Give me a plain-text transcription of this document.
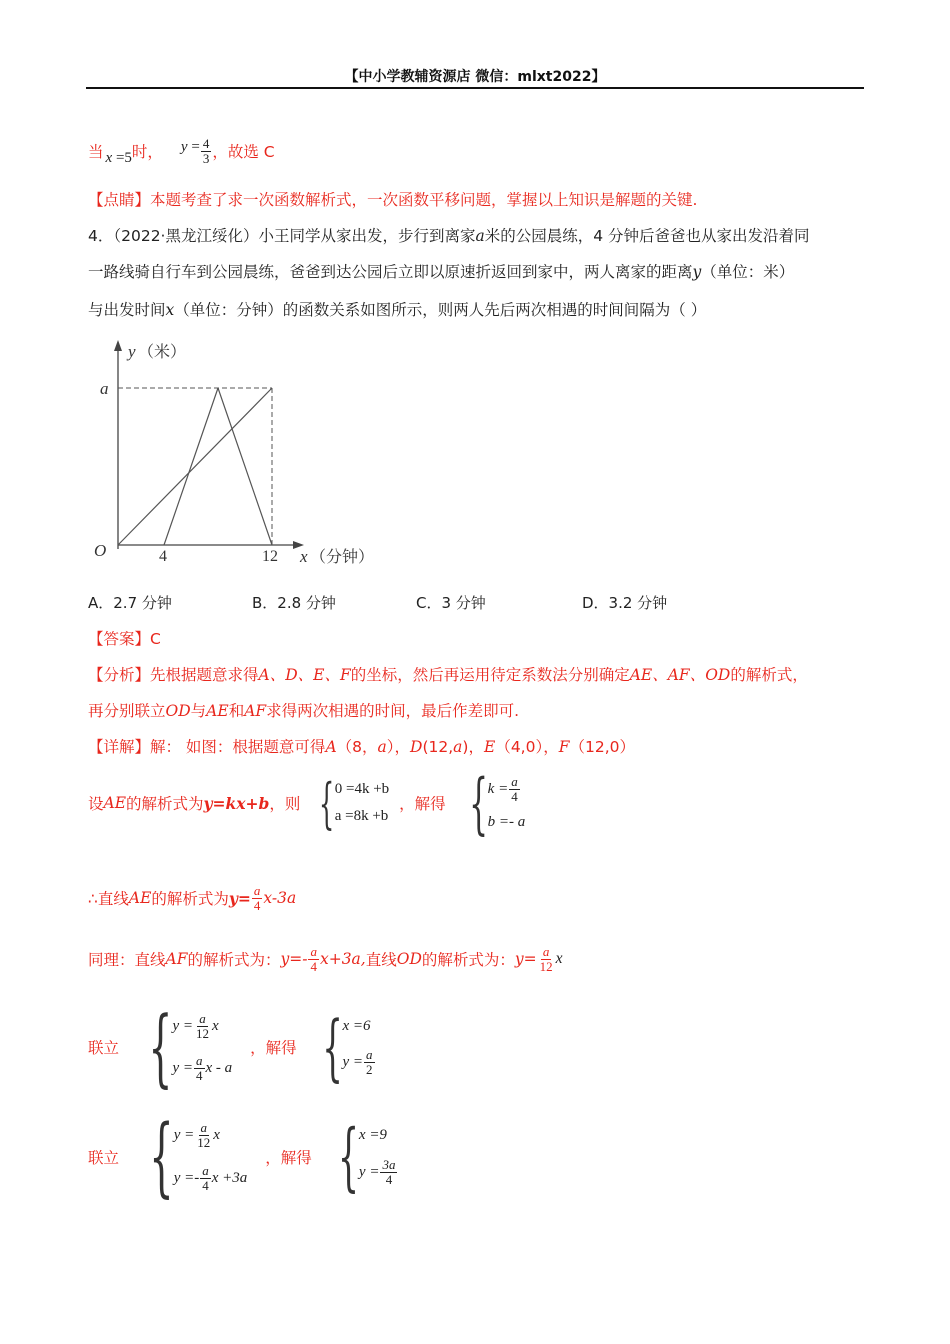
【中小学教辅资源店 微信：mlxt2022】
当 x =5 时， $y = \frac{4}{3}$ ，故选 C
【点睛】本题考查了求一次函数解析式，一次函数平移问题，掌握以上知识是解题的关键.
4．（2022·黑龙江绥化）小王同学从家出发，步行到离家a米的公园晨练，4 分钟后爸爸也从家出发沿着同
一路线骑自行车到公园晨练，爸爸到达公园后立即以原速折返回到家中，两人离家的距离y（单位：米）
与出发时间x（单位：分钟）的函数关系如图所示，则两人先后两次相遇的时间间隔为（ ）
y （米）
a
O	4	12 x （分钟）
A．2.7 分钟	B．2.8 分钟	C．3 分钟	D．3.2 分钟
【答案】C
【分析】先根据题意求得A、D、E、F的坐标，然后再运用待定系数法分别确定AE、AF、OD的解析式，
再分别联立OD与AE和AF求得两次相遇的时间，最后作差即可.
【详解】解： 如图：根据题意可得A（8，a），D(12,a)，E（4,0），F（12,0）
设 AE 的解析式为 y=kx+b ，则 { 0 =4k +b
a =8k +b
，解得 { $k = \frac{a}{4}$
b =- a
∴直线 AE 的解析式为 $y= \frac{a}{4} x-3a$
同理：直线 AF 的解析式为： $y=- \frac{a}{4} x+3a$, 直线 OD 的解析式为： $y= \frac{a}{12}$ x
联立 { $y = \frac{a}{12}$ x
$y = \frac{a}{4}$ x - a
，解得 { x =6
$y = \frac{a}{2}$
联立 { $y = \frac{a}{12}$ x
$y =- \frac{a}{4}$ x +3a
，解得 { x =9
$y = \frac{3a}{4}$
